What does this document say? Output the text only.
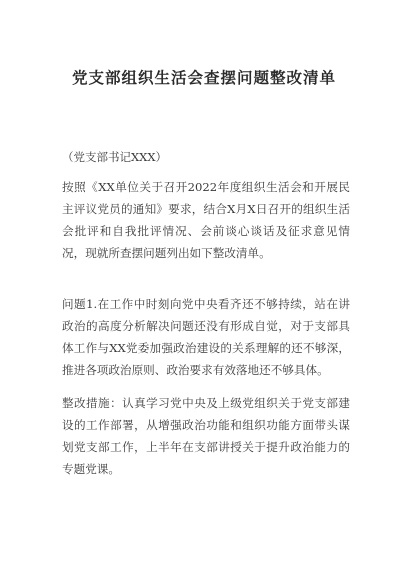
党支部组织生活会查摆问题整改清单
（党支部书记XXX）
按照《XX单位关于召开2022年度组织生活会和开展民主评议党员的通知》要求，结合X月X日召开的组织生活会批评和自我批评情况、会前谈心谈话及征求意见情况，现就所查摆问题列出如下整改清单。
问题1.在工作中时刻向党中央看齐还不够持续，站在讲政治的高度分析解决问题还没有形成自觉，对于支部具体工作与XX党委加强政治建设的关系理解的还不够深，推进各项政治原则、政治要求有效落地还不够具体。
整改措施：认真学习党中央及上级党组织关于党支部建设的工作部署，从增强政治功能和组织功能方面带头谋划党支部工作，上半年在支部讲授关于提升政治能力的专题党课。
